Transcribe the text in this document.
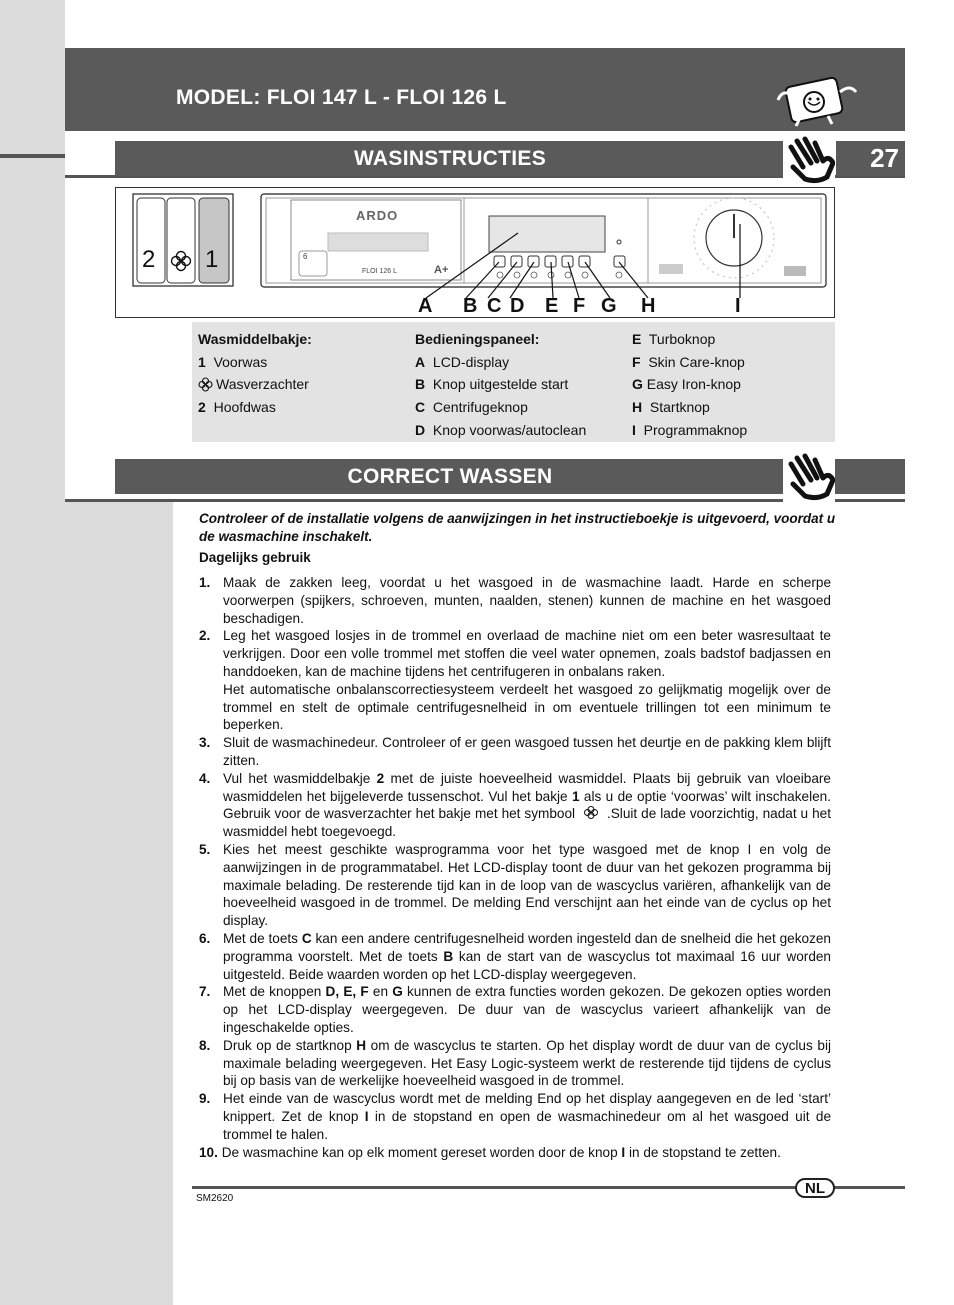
MODEL: FLOI 147 L - FLOI 126 L
WASINSTRUCTIES	27
2 1
ARDO
6
FLOI 126 L	A+
A B C D E F G H	I
Wasmiddelbakje:
1 Voorwas
Wasverzachter
2 Hoofdwas
Bedieningspaneel:
A LCD-display
B Knop uitgestelde start
C Centrifugeknop
D Knop voorwas/autoclean
E Turboknop
F Skin Care-knop
G Easy Iron-knop
H Startknop
I Programmaknop
CORRECT WASSEN
Controleer of de installatie volgens de aanwijzingen in het instructieboekje is uitgevoerd, voordat u de wasmachine inschakelt.
Dagelijks gebruik

1. Maak de zakken leeg, voordat u het wasgoed in de wasmachine laadt. Harde en scherpe voorwerpen (spijkers, schroeven, munten, naalden, stenen) kunnen de machine en het wasgoed beschadigen.

2. Leg het wasgoed losjes in de trommel en overlaad de machine niet om een beter wasresultaat te verkrijgen. Door een volle trommel met stoffen die veel water opnemen, zoals badstof badjassen en handdoeken, kan de machine tijdens het centrifugeren in onbalans raken.

Het automatische onbalanscorrectiesysteem verdeelt het wasgoed zo gelijkmatig mogelijk over de trommel en stelt de optimale centrifugesnelheid in om eventuele trillingen tot een minimum te beperken.

3. Sluit de wasmachinedeur. Controleer of er geen wasgoed tussen het deurtje en de pakking klem blijft zitten.

4. Vul het wasmiddelbakje 2 met de juiste hoeveelheid wasmiddel. Plaats bij gebruik van vloeibare wasmiddelen het bijgeleverde tussenschot. Vul het bakje 1 als u de optie ‘voorwas’ wilt inschakelen. Gebruik voor de wasverzachter het bakje met het symbool  .Sluit de lade voorzichtig, nadat u het wasmiddel hebt toegevoegd.

5. Kies het meest geschikte wasprogramma voor het type wasgoed met de knop I en volg de aanwijzingen in de programmatabel. Het LCD-display toont de duur van het gekozen programma bij maximale belading. De resterende tijd kan in de loop van de wascyclus variëren, afhankelijk van de hoeveelheid wasgoed in de trommel. De melding End verschijnt aan het einde van de cyclus op het display.

6. Met de toets C kan een andere centrifugesnelheid worden ingesteld dan de snelheid die het gekozen programma voorstelt. Met de toets B kan de start van de wascyclus tot maximaal 16 uur worden uitgesteld. Beide waarden worden op het LCD-display weergegeven.

7. Met de knoppen D, E, F en G kunnen de extra functies worden gekozen. De gekozen opties worden op het LCD-display weergegeven. De duur van de wascyclus varieert afhankelijk van de ingeschakelde opties.

8. Druk op de startknop H om de wascyclus te starten. Op het display wordt de duur van de cyclus bij maximale belading weergegeven. Het Easy Logic-systeem werkt de resterende tijd tijdens de cyclus bij op basis van de werkelijke hoeveelheid wasgoed in de trommel.

9. Het einde van de wascyclus wordt met de melding End op het display aangegeven en de led ‘start’ knippert. Zet de knop I in de stopstand en open de wasmachinedeur om al het wasgoed uit de trommel te halen.

10. De wasmachine kan op elk moment gereset worden door de knop I in de stopstand te zetten.

SM2620
NL
